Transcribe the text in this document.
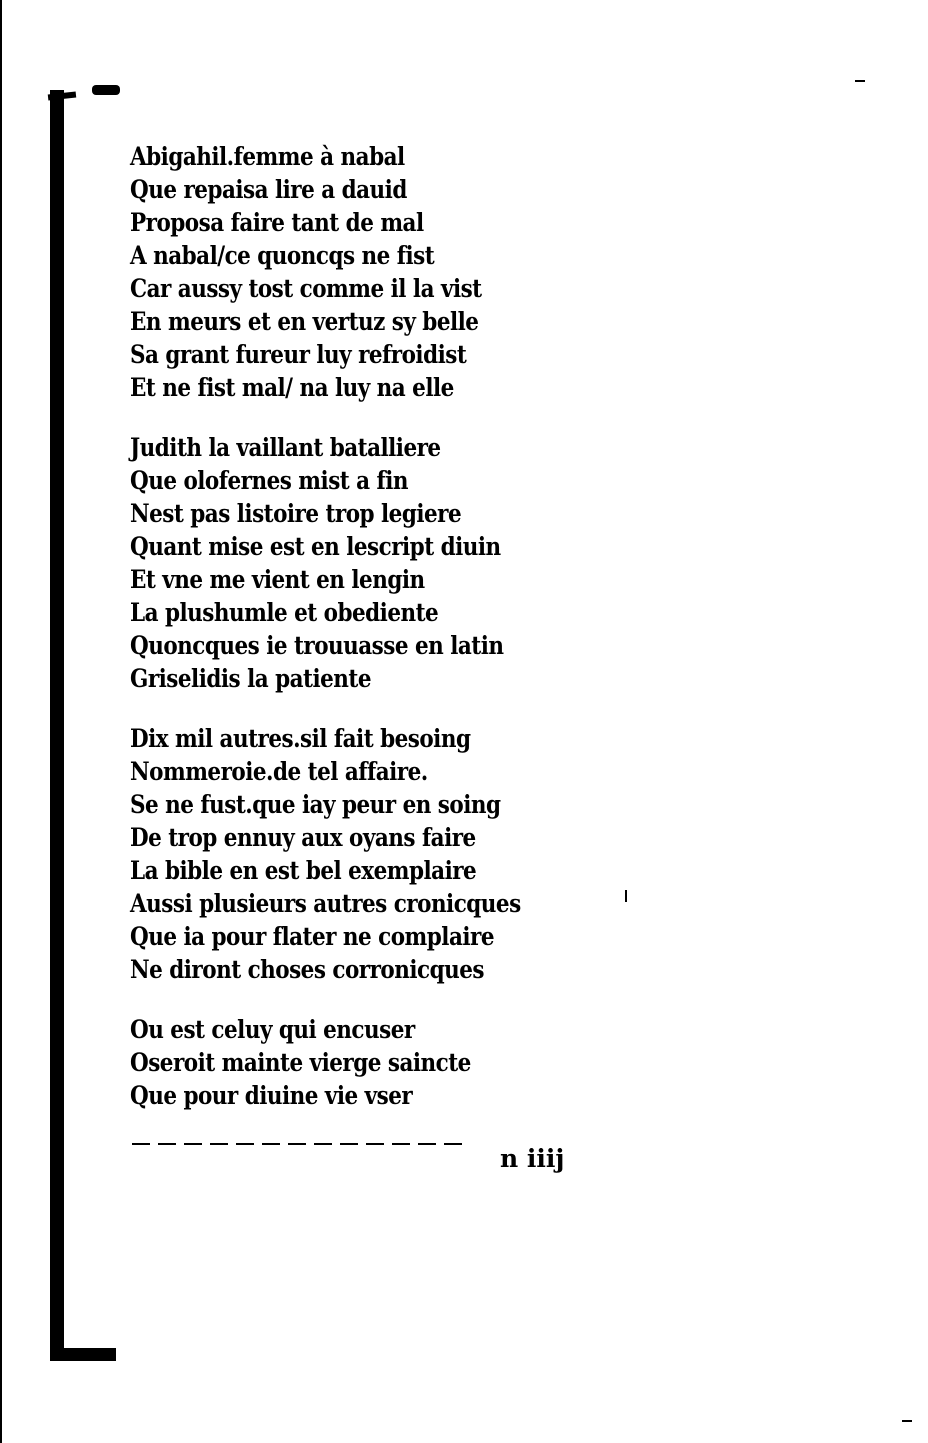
Abigahil.femme à nabal
Que repaisa lire a dauid
Proposa faire tant de mal
A nabal/ce quoncqs ne fist
Car aussy tost comme il la vist
En meurs et en vertuz sy belle
Sa grant fureur luy refroidist
Et ne fist mal/ na luy na elle
Judith la vaillant batalliere
Que olofernes mist a fin
Nest pas listoire trop legiere
Quant mise est en lescript diuin
Et vne me vient en lengin
La plushumle et obediente
Quoncques ie trouuasse en latin
Griselidis la patiente
Dix mil autres.sil fait besoing
Nommeroie.de tel affaire.
Se ne fust.que iay peur en soing
De trop ennuy aux oyans faire
La bible en est bel exemplaire
Aussi plusieurs autres cronicques
Que ia pour flater ne complaire
Ne diront choses corronicques
Ou est celuy qui encuser
Oseroit mainte vierge saincte
Que pour diuine vie vser
n iiij
